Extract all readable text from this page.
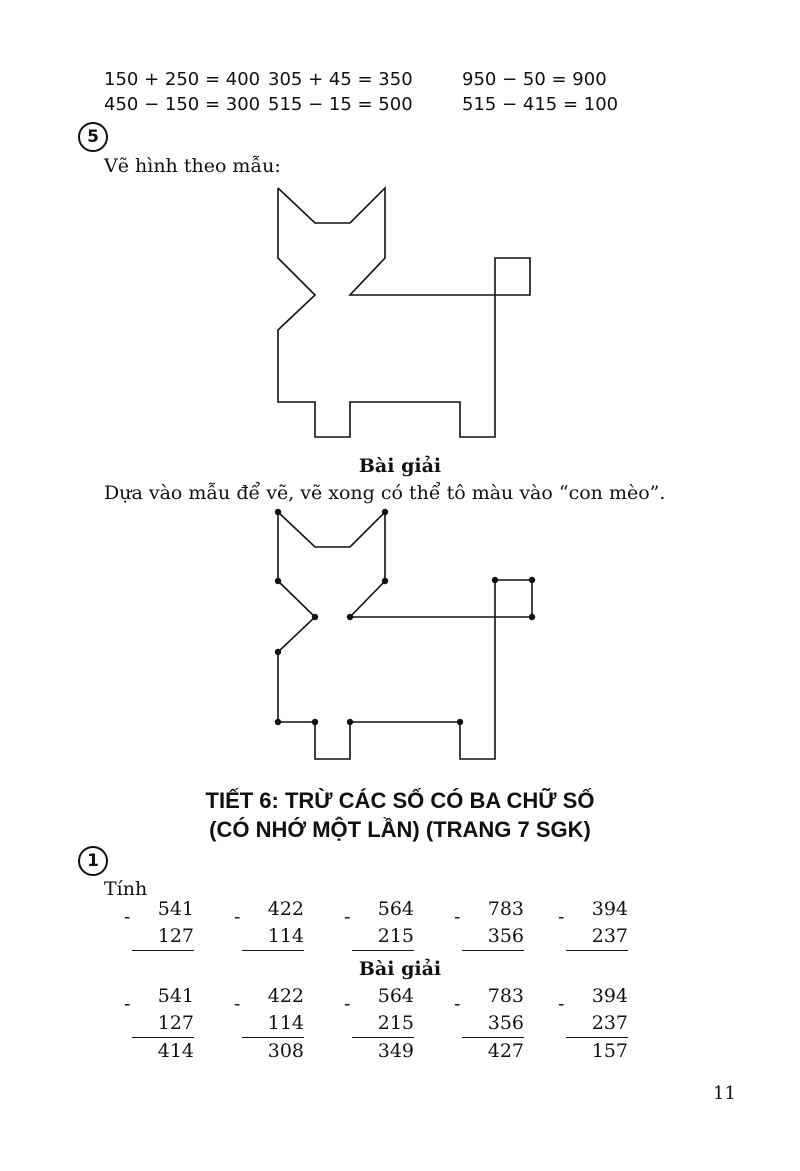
150 + 250 = 400 305 + 45 = 350	950 − 50 = 900
450 − 150 = 300 515 − 15 = 500	515 − 415 = 100
5
Vẽ hình theo mẫu:
Bài giải
Dựa vào mẫu để vẽ, vẽ xong có thể tô màu vào “con mèo”.
TIẾT 6: TRỪ CÁC SỐ CÓ BA CHỮ SỐ
(CÓ NHỚ MỘT LẦN) (TRANG 7 SGK)
1
Tính
-	541
127
-	422
114
-	564
215
-	783
356
-	394
237
Bài giải
-	541
127
414
-	422
114
308
-	564
215
349
-	783
356
427
-	394
237
157
11
